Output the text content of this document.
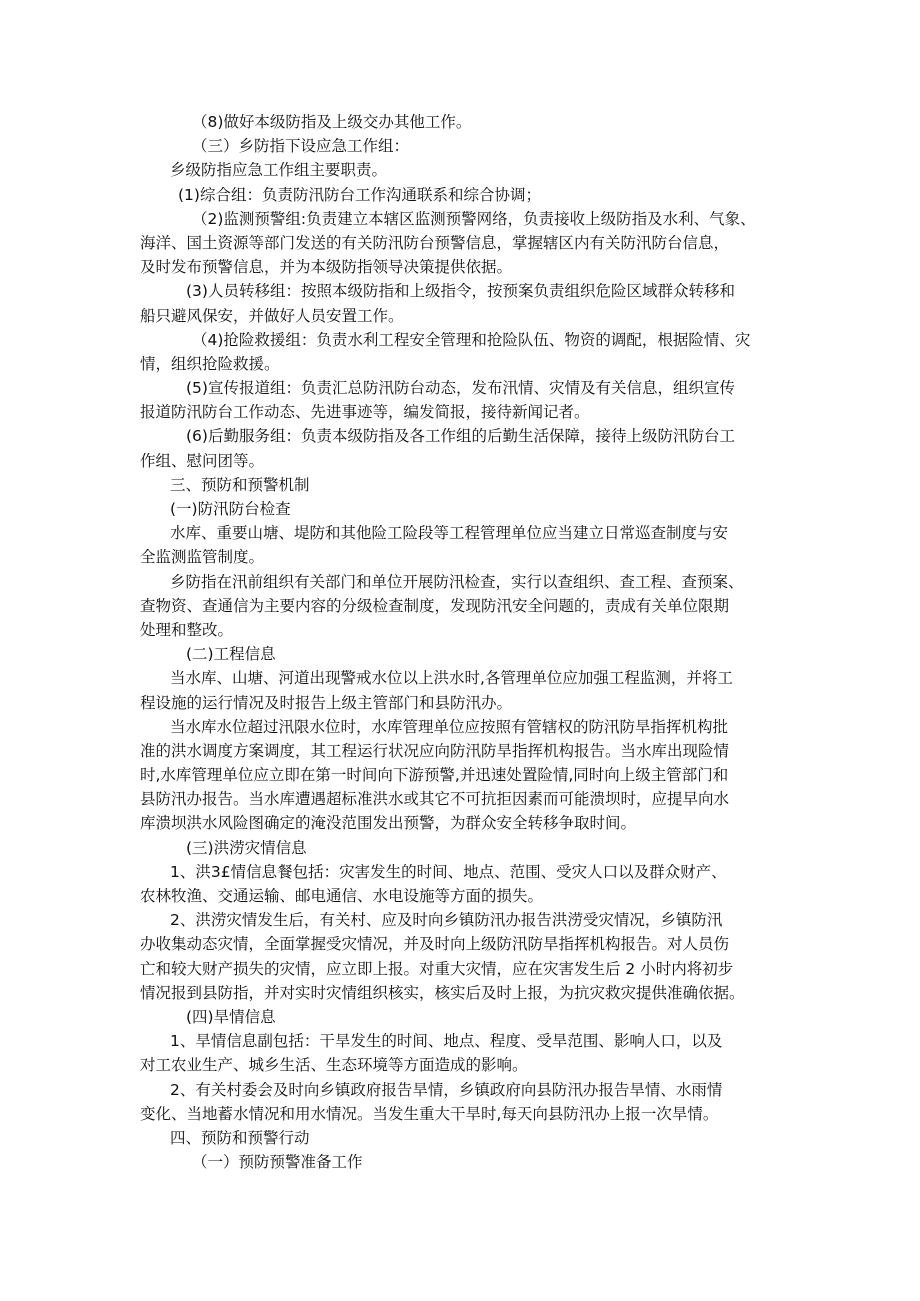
（8)做好本级防指及上级交办其他工作。
（三）乡防指下设应急工作组：
乡级防指应急工作组主要职责。
(1)综合组：负责防汛防台工作沟通联系和综合协调；
（2)监测预警组:负责建立本辖区监测预警网络，负责接收上级防指及水利、气象、
海洋、国土资源等部门发送的有关防汛防台预警信息，掌握辖区内有关防汛防台信息，
及时发布预警信息，并为本级防指领导决策提供依据。
(3)人员转移组：按照本级防指和上级指令，按预案负责组织危险区域群众转移和
船只避风保安，并做好人员安置工作。
（4)抢险救援组：负责水利工程安全管理和抢险队伍、物资的调配，根据险情、灾
情，组织抢险救援。
(5)宣传报道组：负责汇总防汛防台动态，发布汛情、灾情及有关信息，组织宣传
报道防汛防台工作动态、先进事迹等，编发简报，接待新闻记者。
(6)后勤服务组：负责本级防指及各工作组的后勤生活保障，接待上级防汛防台工
作组、慰问团等。
三、预防和预警机制
(一)防汛防台检查
水库、重要山塘、堤防和其他险工险段等工程管理单位应当建立日常巡查制度与安
全监测监管制度。
乡防指在汛前组织有关部门和单位开展防汛检查，实行以查组织、查工程、查预案、
查物资、查通信为主要内容的分级检查制度，发现防汛安全问题的，责成有关单位限期
处理和整改。
(二)工程信息
当水库、山塘、河道出现警戒水位以上洪水时,各管理单位应加强工程监测，并将工
程设施的运行情况及时报告上级主管部门和县防汛办。
当水库水位超过汛限水位时，水库管理单位应按照有管辖权的防汛防旱指挥机构批
准的洪水调度方案调度，其工程运行状况应向防汛防旱指挥机构报告。当水库出现险情
时,水库管理单位应立即在第一时间向下游预警,并迅速处置险情,同时向上级主管部门和
县防汛办报告。当水库遭遇超标准洪水或其它不可抗拒因素而可能溃坝时，应提早向水
库溃坝洪水风险图确定的淹没范围发出预警，为群众安全转移争取时间。
(三)洪涝灾情信息
1、洪3£情信息餐包括：灾害发生的时间、地点、范围、受灾人口以及群众财产、
农林牧渔、交通运输、邮电通信、水电设施等方面的损失。
2、洪涝灾情发生后，有关村、应及时向乡镇防汛办报告洪涝受灾情况，乡镇防汛
办收集动态灾情，全面掌握受灾情况，并及时向上级防汛防旱指挥机构报告。对人员伤
亡和较大财产损失的灾情，应立即上报。对重大灾情，应在灾害发生后 2 小时内将初步
情况报到县防指，并对实时灾情组织核实，核实后及时上报，为抗灾救灾提供准确依据。
(四)旱情信息
1、旱情信息副包括：干旱发生的时间、地点、程度、受旱范围、影响人口，以及
对工农业生产、城乡生活、生态环境等方面造成的影响。
2、有关村委会及时向乡镇政府报告旱情，乡镇政府向县防汛办报告旱情、水雨情
变化、当地蓄水情况和用水情况。当发生重大干旱时,每天向县防汛办上报一次旱情。
四、预防和预警行动
（一）预防预警准备工作
